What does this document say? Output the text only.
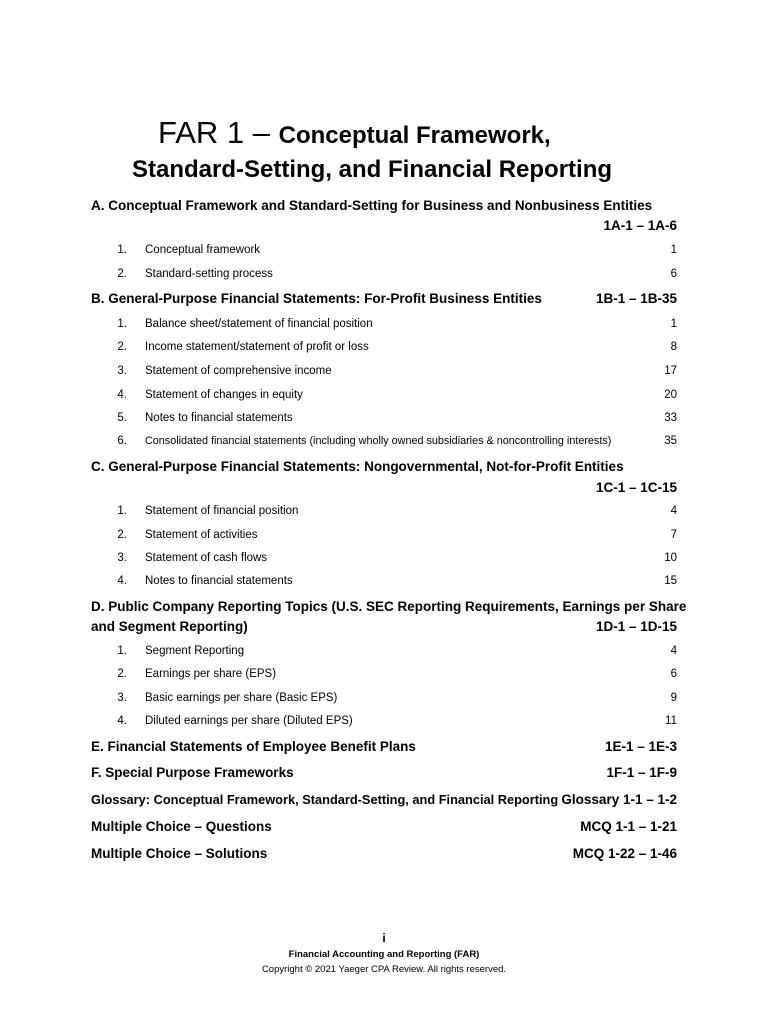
FAR 1 – Conceptual Framework,
Standard-Setting, and Financial Reporting
A. Conceptual Framework and Standard-Setting for Business and Nonbusiness Entities
1A-1 – 1A-6
1. Conceptual framework	1
2. Standard-setting process	6
B. General-Purpose Financial Statements: For-Profit Business Entities	1B-1 – 1B-35
1. Balance sheet/statement of financial position	1
2. Income statement/statement of profit or loss	8
3. Statement of comprehensive income	17
4. Statement of changes in equity	20
5. Notes to financial statements	33
6. Consolidated financial statements (including wholly owned subsidiaries & noncontrolling interests)	35
C. General-Purpose Financial Statements: Nongovernmental, Not-for-Profit Entities
1C-1 – 1C-15
1. Statement of financial position	4
2. Statement of activities	7
3. Statement of cash flows	10
4. Notes to financial statements	15
D. Public Company Reporting Topics (U.S. SEC Reporting Requirements, Earnings per Share
and Segment Reporting)	1D-1 – 1D-15
1. Segment Reporting	4
2. Earnings per share (EPS)	6
3. Basic earnings per share (Basic EPS)	9
4. Diluted earnings per share (Diluted EPS)	11
E. Financial Statements of Employee Benefit Plans	1E-1 – 1E-3
F. Special Purpose Frameworks	1F-1 – 1F-9
Glossary: Conceptual Framework, Standard-Setting, and Financial Reporting Glossary 1-1 – 1-2
Multiple Choice – Questions	MCQ 1-1 – 1-21
Multiple Choice – Solutions	MCQ 1-22 – 1-46
i
Financial Accounting and Reporting (FAR)
Copyright © 2021 Yaeger CPA Review. All rights reserved.
